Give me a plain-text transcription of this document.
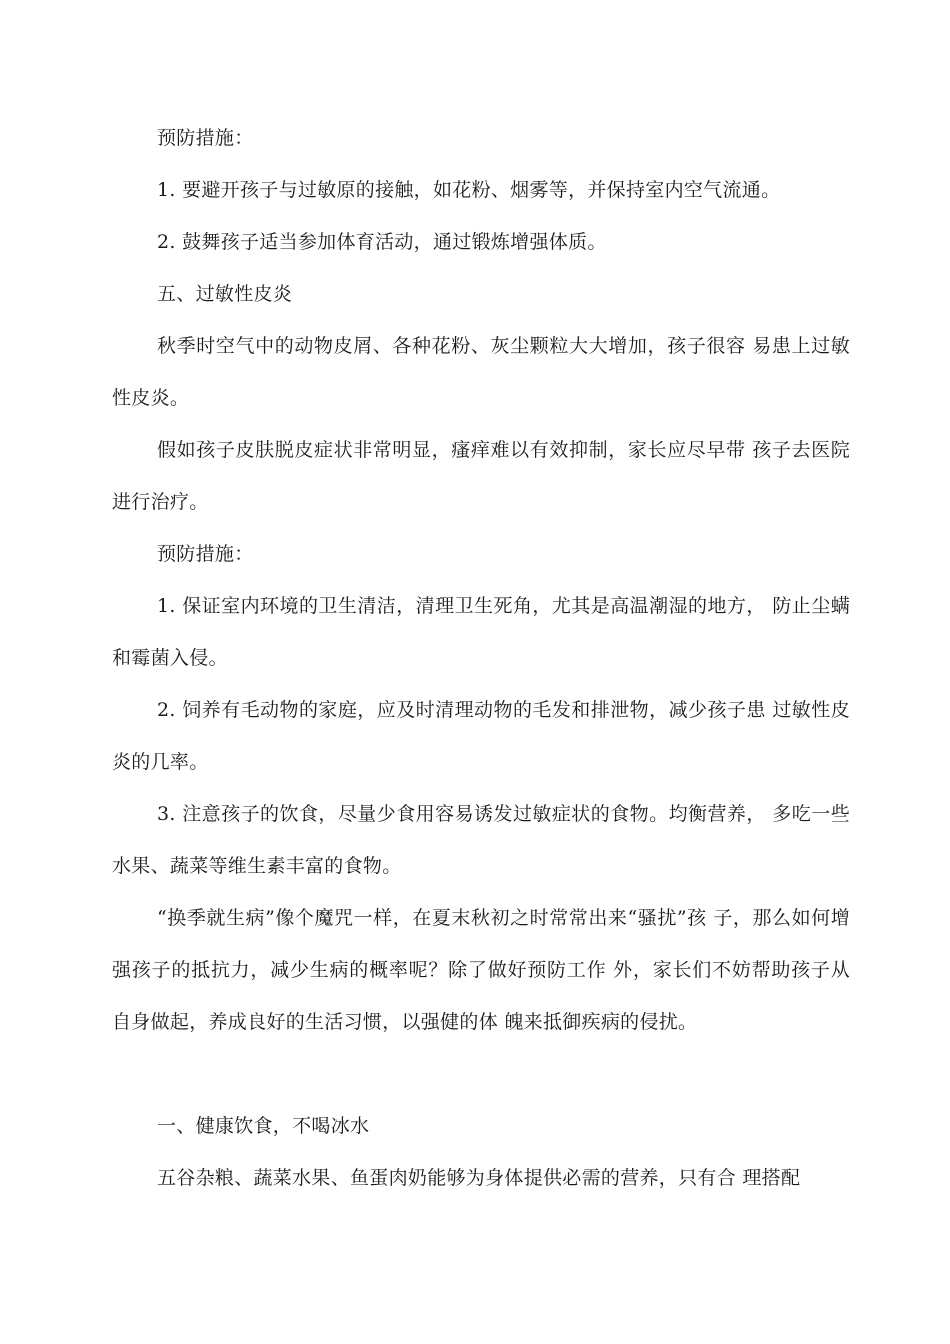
预防措施：

1. 要避开孩子与过敏原的接触，如花粉、烟雾等，并保持室内空气流通。

2. 鼓舞孩子适当参加体育活动，通过锻炼增强体质。

五、过敏性皮炎

秋季时空气中的动物皮屑、各种花粉、灰尘颗粒大大增加，孩子很容 易患上过敏性皮炎。

假如孩子皮肤脱皮症状非常明显，瘙痒难以有效抑制，家长应尽早带 孩子去医院进行治疗。

预防措施：

1. 保证室内环境的卫生清洁，清理卫生死角，尤其是高温潮湿的地方， 防止尘螨和霉菌入侵。

2. 饲养有毛动物的家庭，应及时清理动物的毛发和排泄物，减少孩子患 过敏性皮炎的几率。

3. 注意孩子的饮食，尽量少食用容易诱发过敏症状的食物。均衡营养， 多吃一些水果、蔬菜等维生素丰富的食物。

“换季就生病”像个魔咒一样，在夏末秋初之时常常出来“骚扰”孩 子，那么如何增强孩子的抵抗力，减少生病的概率呢？除了做好预防工作 外，家长们不妨帮助孩子从自身做起，养成良好的生活习惯，以强健的体 魄来抵御疾病的侵扰。

一、健康饮食，不喝冰水

五谷杂粮、蔬菜水果、鱼蛋肉奶能够为身体提供必需的营养，只有合 理搭配
